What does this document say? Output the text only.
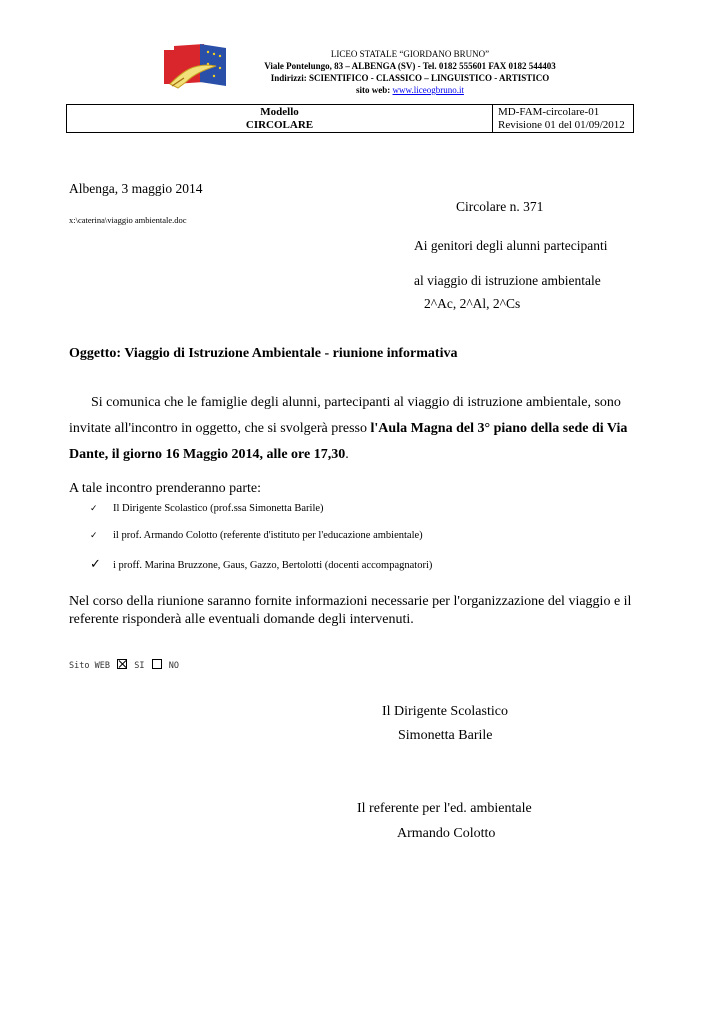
LICEO STATALE “GIORDANO BRUNO”
Viale Pontelungo, 83 – ALBENGA (SV) - Tel. 0182 555601 FAX 0182 544403
Indirizzi: SCIENTIFICO - CLASSICO – LINGUISTICO - ARTISTICO
sito web: www.liceogbruno.it
Modello
CIRCOLARE
MD-FAM-circolare-01
Revisione 01 del 01/09/2012
Albenga, 3 maggio 2014
Circolare n. 371
x:\caterina\viaggio ambientale.doc
Ai genitori degli alunni partecipanti
al viaggio di istruzione ambientale
2^Ac, 2^Al, 2^Cs
Oggetto: Viaggio di Istruzione Ambientale - riunione informativa
Si comunica che le famiglie degli alunni, partecipanti al viaggio di istruzione ambientale, sono
invitate all'incontro in oggetto, che si svolgerà presso l'Aula Magna del 3° piano della sede di Via
Dante, il giorno 16 Maggio 2014, alle ore 17,30.
A tale incontro prenderanno parte:
✓ Il Dirigente Scolastico (prof.ssa Simonetta Barile)
✓ il prof. Armando Colotto (referente d'istituto per l'educazione ambientale)
✓ i proff. Marina Bruzzone, Gaus, Gazzo, Bertolotti (docenti accompagnatori)
Nel corso della riunione saranno fornite informazioni necessarie per l'organizzazione del viaggio e il
referente risponderà alle eventuali domande degli intervenuti.
Sito WEB	SI	NO
Il Dirigente Scolastico
Simonetta Barile
Il referente per l'ed. ambientale
Armando Colotto
